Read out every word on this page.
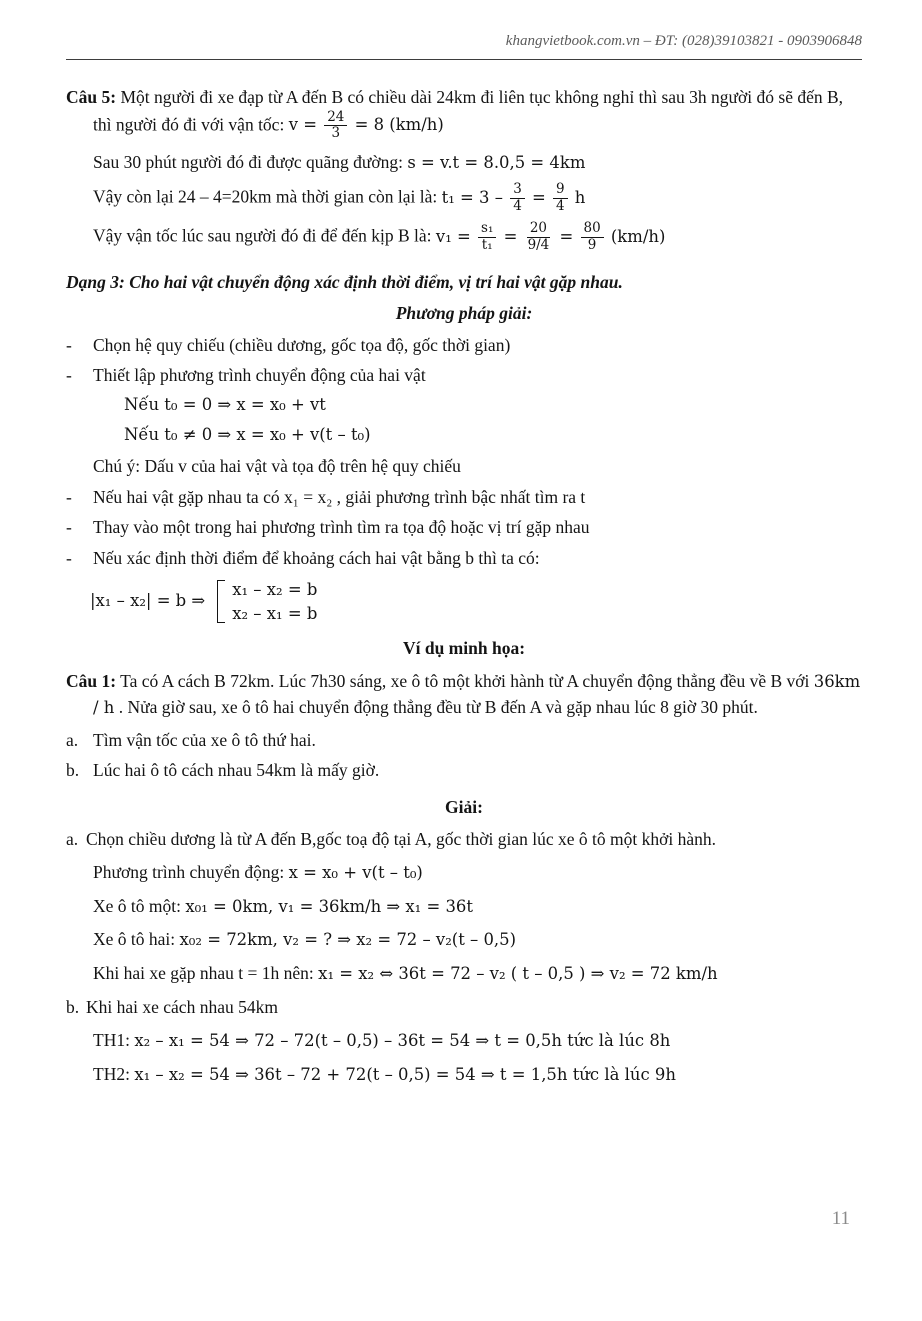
khangvietbook.com.vn – ĐT: (028)39103821 - 0903906848

Câu 5: Một người đi xe đạp từ A đến B có chiều dài 24km đi liên tục không nghỉ thì sau 3h người đó sẽ đến B, thì người đó đi với vận tốc: $v = \frac{24}{3} = 8$ (km/h)

Sau 30 phút người đó đi được quãng đường: s = v.t = 8.0,5 = 4km

Vậy còn lại 24 – 4=20km mà thời gian còn lại là: $t_1 = 3 - \frac{3}{4} = \frac{9}{4}$ h

Vậy vận tốc lúc sau người đó đi để đến kịp B là: $v_1 = \frac{\text{s₁}}{\text{t₁}} = \frac{20}{9/4} = \frac{80}{9} (km/h)$

Dạng 3: Cho hai vật chuyển động xác định thời điểm, vị trí hai vật gặp nhau.

Phương pháp giải:

-	Chọn hệ quy chiếu (chiều dương, gốc tọa độ, gốc thời gian)
-	Thiết lập phương trình chuyển động của hai vật

Nếu t₀ = 0 ⇒ x = x₀ + vt

Nếu t₀ ≠ 0 ⇒ x = x₀ + v(t – t₀)

Chú ý: Dấu v của hai vật và tọa độ trên hệ quy chiếu

-	Nếu hai vật gặp nhau ta có x₁ = x₂ , giải phương trình bậc nhất tìm ra t
-	Thay vào một trong hai phương trình tìm ra tọa độ hoặc vị trí gặp nhau
-	Nếu xác định thời điểm để khoảng cách hai vật bằng b thì ta có:
|x₁ – x₂| = b ⇒
x₁ – x₂ = b
x₂ – x₁ = b

Ví dụ minh họa:

Câu 1: Ta có A cách B 72km. Lúc 7h30 sáng, xe ô tô một khởi hành từ A chuyển động thẳng đều về B với 36km / h . Nửa giờ sau, xe ô tô hai chuyển động thẳng đều từ B đến A và gặp nhau lúc 8 giờ 30 phút.

a. Tìm vận tốc của xe ô tô thứ hai.
b. Lúc hai ô tô cách nhau 54km là mấy giờ.

Giải:

a. Chọn chiều dương là từ A đến B,gốc toạ độ tại A, gốc thời gian lúc xe ô tô một khởi hành.

Phương trình chuyển động: x = x₀ + v(t – t₀)

Xe ô tô một: x₀₁ = 0km, v₁ = 36km/h ⇒ x₁ = 36t

Xe ô tô hai: x₀₂ = 72km, v₂ = ? ⇒ x₂ = 72 – v₂(t – 0,5)

Khi hai xe gặp nhau t = 1h nên: x₁ = x₂ ⇔ 36t = 72 – v₂ ( t – 0,5 ) ⇒ v₂ = 72 km/h

b. Khi hai xe cách nhau 54km

TH1: x₂ – x₁ = 54 ⇒ 72 – 72(t – 0,5) – 36t = 54 ⇒ t = 0,5h tức là lúc 8h

TH2: x₁ – x₂ = 54 ⇒ 36t – 72 + 72(t – 0,5) = 54 ⇒ t = 1,5h tức là lúc 9h

11
